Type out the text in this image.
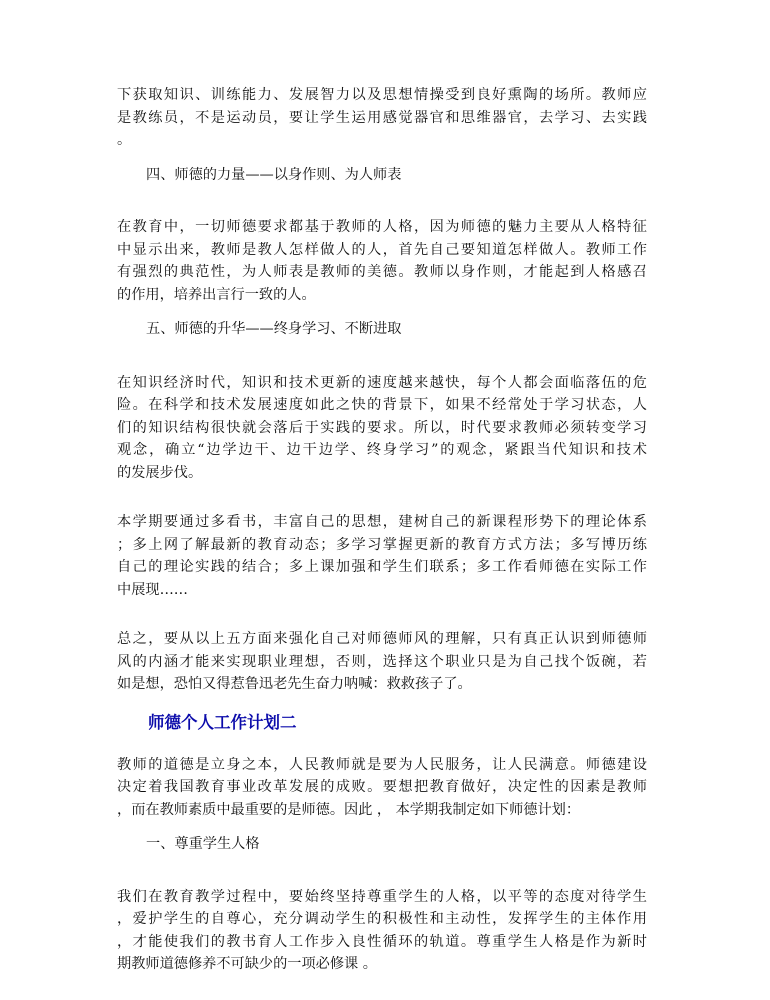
下获取知识、训练能力、发展智力以及思想情操受到良好熏陶的场所。教师应
是教练员，不是运动员，要让学生运用感觉器官和思维器官，去学习、去实践
。

四、师德的力量——以身作则、为人师表

在教育中，一切师德要求都基于教师的人格，因为师德的魅力主要从人格特征
中显示出来，教师是教人怎样做人的人，首先自己要知道怎样做人。教师工作
有强烈的典范性，为人师表是教师的美德。教师以身作则，才能起到人格感召
的作用，培养出言行一致的人。

五、师德的升华——终身学习、不断进取

在知识经济时代，知识和技术更新的速度越来越快，每个人都会面临落伍的危
险。在科学和技术发展速度如此之快的背景下，如果不经常处于学习状态，人
们的知识结构很快就会落后于实践的要求。所以，时代要求教师必须转变学习
观念，确立“边学边干、边干边学、终身学习”的观念，紧跟当代知识和技术
的发展步伐。

本学期要通过多看书，丰富自己的思想，建树自己的新课程形势下的理论体系
；多上网了解最新的教育动态；多学习掌握更新的教育方式方法；多写博历练
自己的理论实践的结合；多上课加强和学生们联系；多工作看师德在实际工作
中展现……

总之，要从以上五方面来强化自己对师德师风的理解，只有真正认识到师德师
风的内涵才能来实现职业理想，否则，选择这个职业只是为自己找个饭碗，若
如是想，恐怕又得惹鲁迅老先生奋力呐喊：救救孩子了。

师德个人工作计划二

教师的道德是立身之本，人民教师就是要为人民服务，让人民满意。师德建设
决定着我国教育事业改革发展的成败。要想把教育做好，决定性的因素是教师
，而在教师素质中最重要的是师德。因此 ， 本学期我制定如下师德计划：

一、尊重学生人格

我们在教育教学过程中，要始终坚持尊重学生的人格，以平等的态度对待学生
，爱护学生的自尊心，充分调动学生的积极性和主动性，发挥学生的主体作用
，才能使我们的教书育人工作步入良性循环的轨道。尊重学生人格是作为新时
期教师道德修养不可缺少的一项必修课 。
